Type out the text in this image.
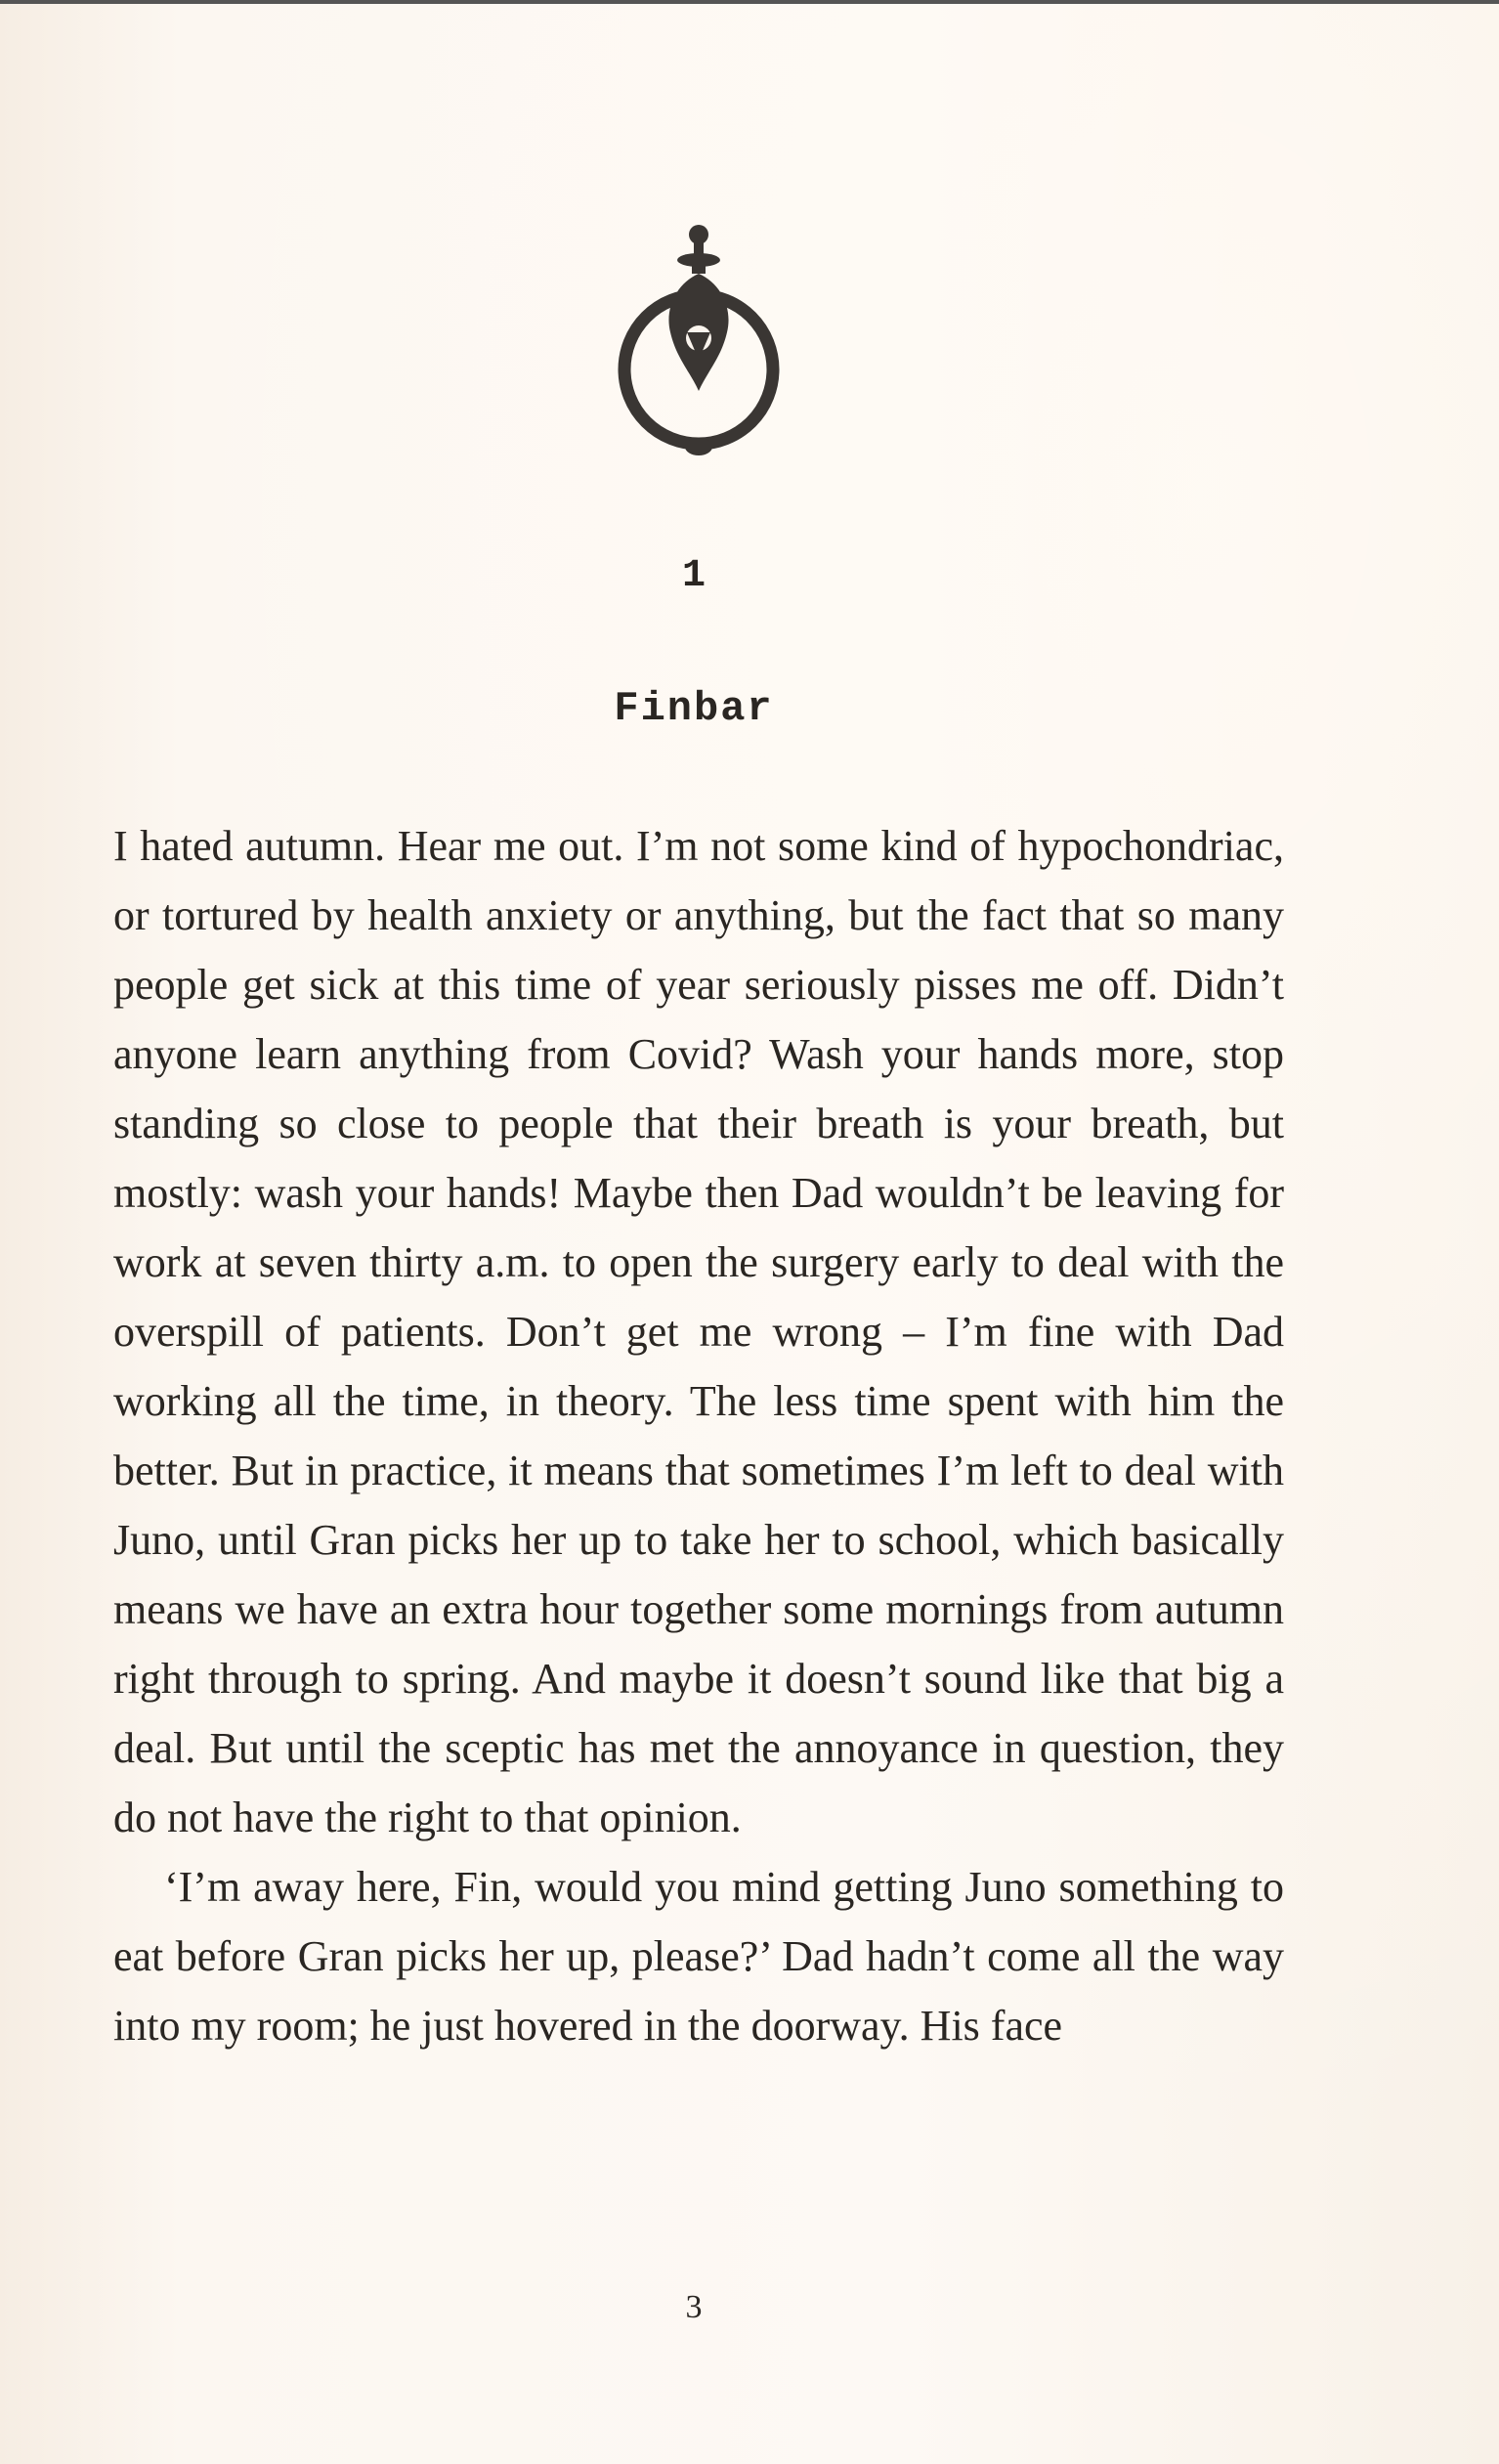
1
Finbar

I hated autumn. Hear me out. I’m not some kind of hypochondriac, or tortured by health anxiety or anything, but the fact that so many people get sick at this time of year seriously pisses me off. Didn’t anyone learn anything from Covid? Wash your hands more, stop standing so close to people that their breath is your breath, but mostly: wash your hands! Maybe then Dad wouldn’t be leaving for work at seven thirty a.m. to open the surgery early to deal with the overspill of patients. Don’t get me wrong – I’m fine with Dad working all the time, in theory. The less time spent with him the better. But in practice, it means that sometimes I’m left to deal with Juno, until Gran picks her up to take her to school, which basically means we have an extra hour together some mornings from autumn right through to spring. And maybe it doesn’t sound like that big a deal. But until the sceptic has met the annoyance in question, they do not have the right to that opinion.

‘I’m away here, Fin, would you mind getting Juno something to eat before Gran picks her up, please?’ Dad hadn’t come all the way into my room; he just hovered in the doorway. His face

3
